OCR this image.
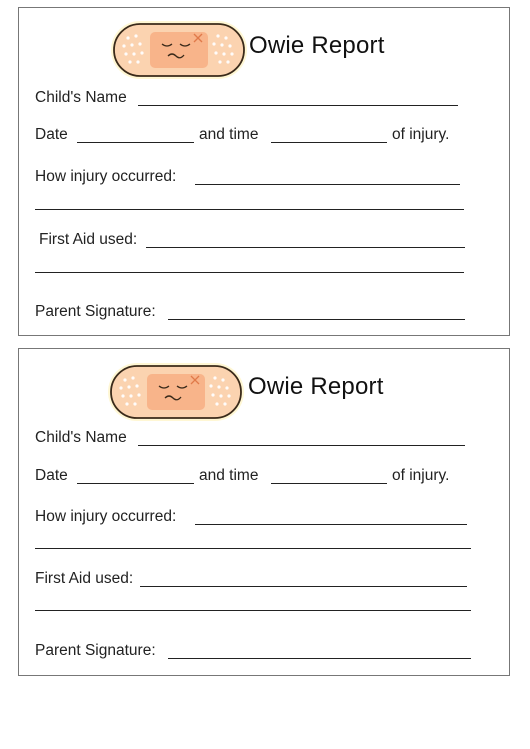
Owie Report
Child's Name
Date	and time	of injury.
How injury occurred:
First Aid used:
Parent Signature:
Owie Report
Child's Name
Date	and time	of injury.
How injury occurred:
First Aid used:
Parent Signature:
